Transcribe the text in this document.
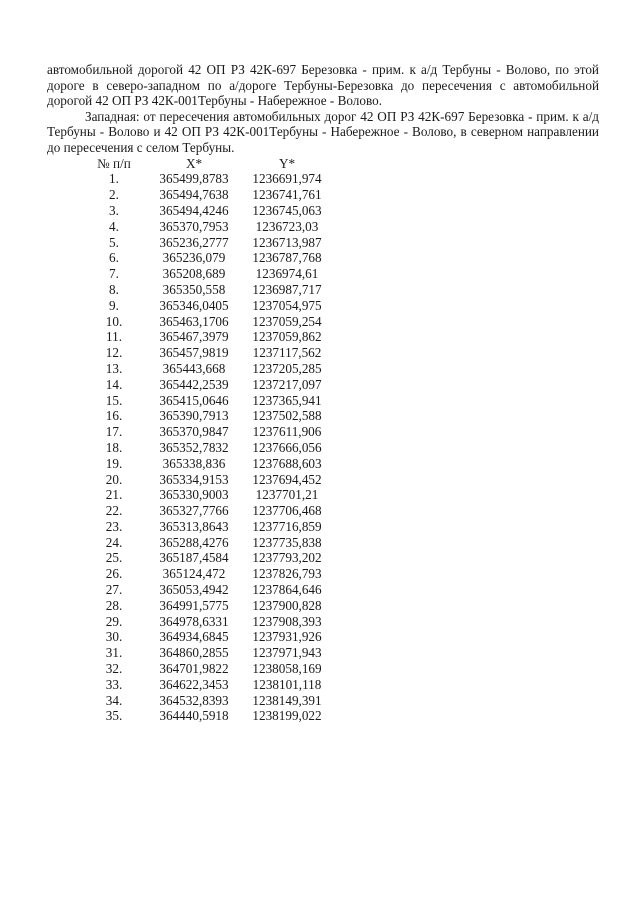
автомобильной дорогой 42 ОП РЗ 42К-697 Березовка - прим. к а/д Тербуны - Волово, по этой дороге в северо-западном по а/дороге Тербуны-Березовка до пересечения с автомобильной дорогой 42 ОП РЗ 42К-001Тербуны - Набережное - Волово.

Западная: от пересечения автомобильных дорог 42 ОП РЗ 42К-697 Березовка - прим. к а/д Тербуны - Волово и 42 ОП РЗ 42К-001Тербуны - Набережное - Волово, в северном направлении до пересечения с селом Тербуны.

№ п/п	X*	Y*
1.	365499,8783	1236691,974
2.	365494,7638	1236741,761
3.	365494,4246	1236745,063
4.	365370,7953	1236723,03
5.	365236,2777	1236713,987
6.	365236,079	1236787,768
7.	365208,689	1236974,61
8.	365350,558	1236987,717
9.	365346,0405	1237054,975
10.	365463,1706	1237059,254
11.	365467,3979	1237059,862
12.	365457,9819	1237117,562
13.	365443,668	1237205,285
14.	365442,2539	1237217,097
15.	365415,0646	1237365,941
16.	365390,7913	1237502,588
17.	365370,9847	1237611,906
18.	365352,7832	1237666,056
19.	365338,836	1237688,603
20.	365334,9153	1237694,452
21.	365330,9003	1237701,21
22.	365327,7766	1237706,468
23.	365313,8643	1237716,859
24.	365288,4276	1237735,838
25.	365187,4584	1237793,202
26.	365124,472	1237826,793
27.	365053,4942	1237864,646
28.	364991,5775	1237900,828
29.	364978,6331	1237908,393
30.	364934,6845	1237931,926
31.	364860,2855	1237971,943
32.	364701,9822	1238058,169
33.	364622,3453	1238101,118
34.	364532,8393	1238149,391
35.	364440,5918	1238199,022
